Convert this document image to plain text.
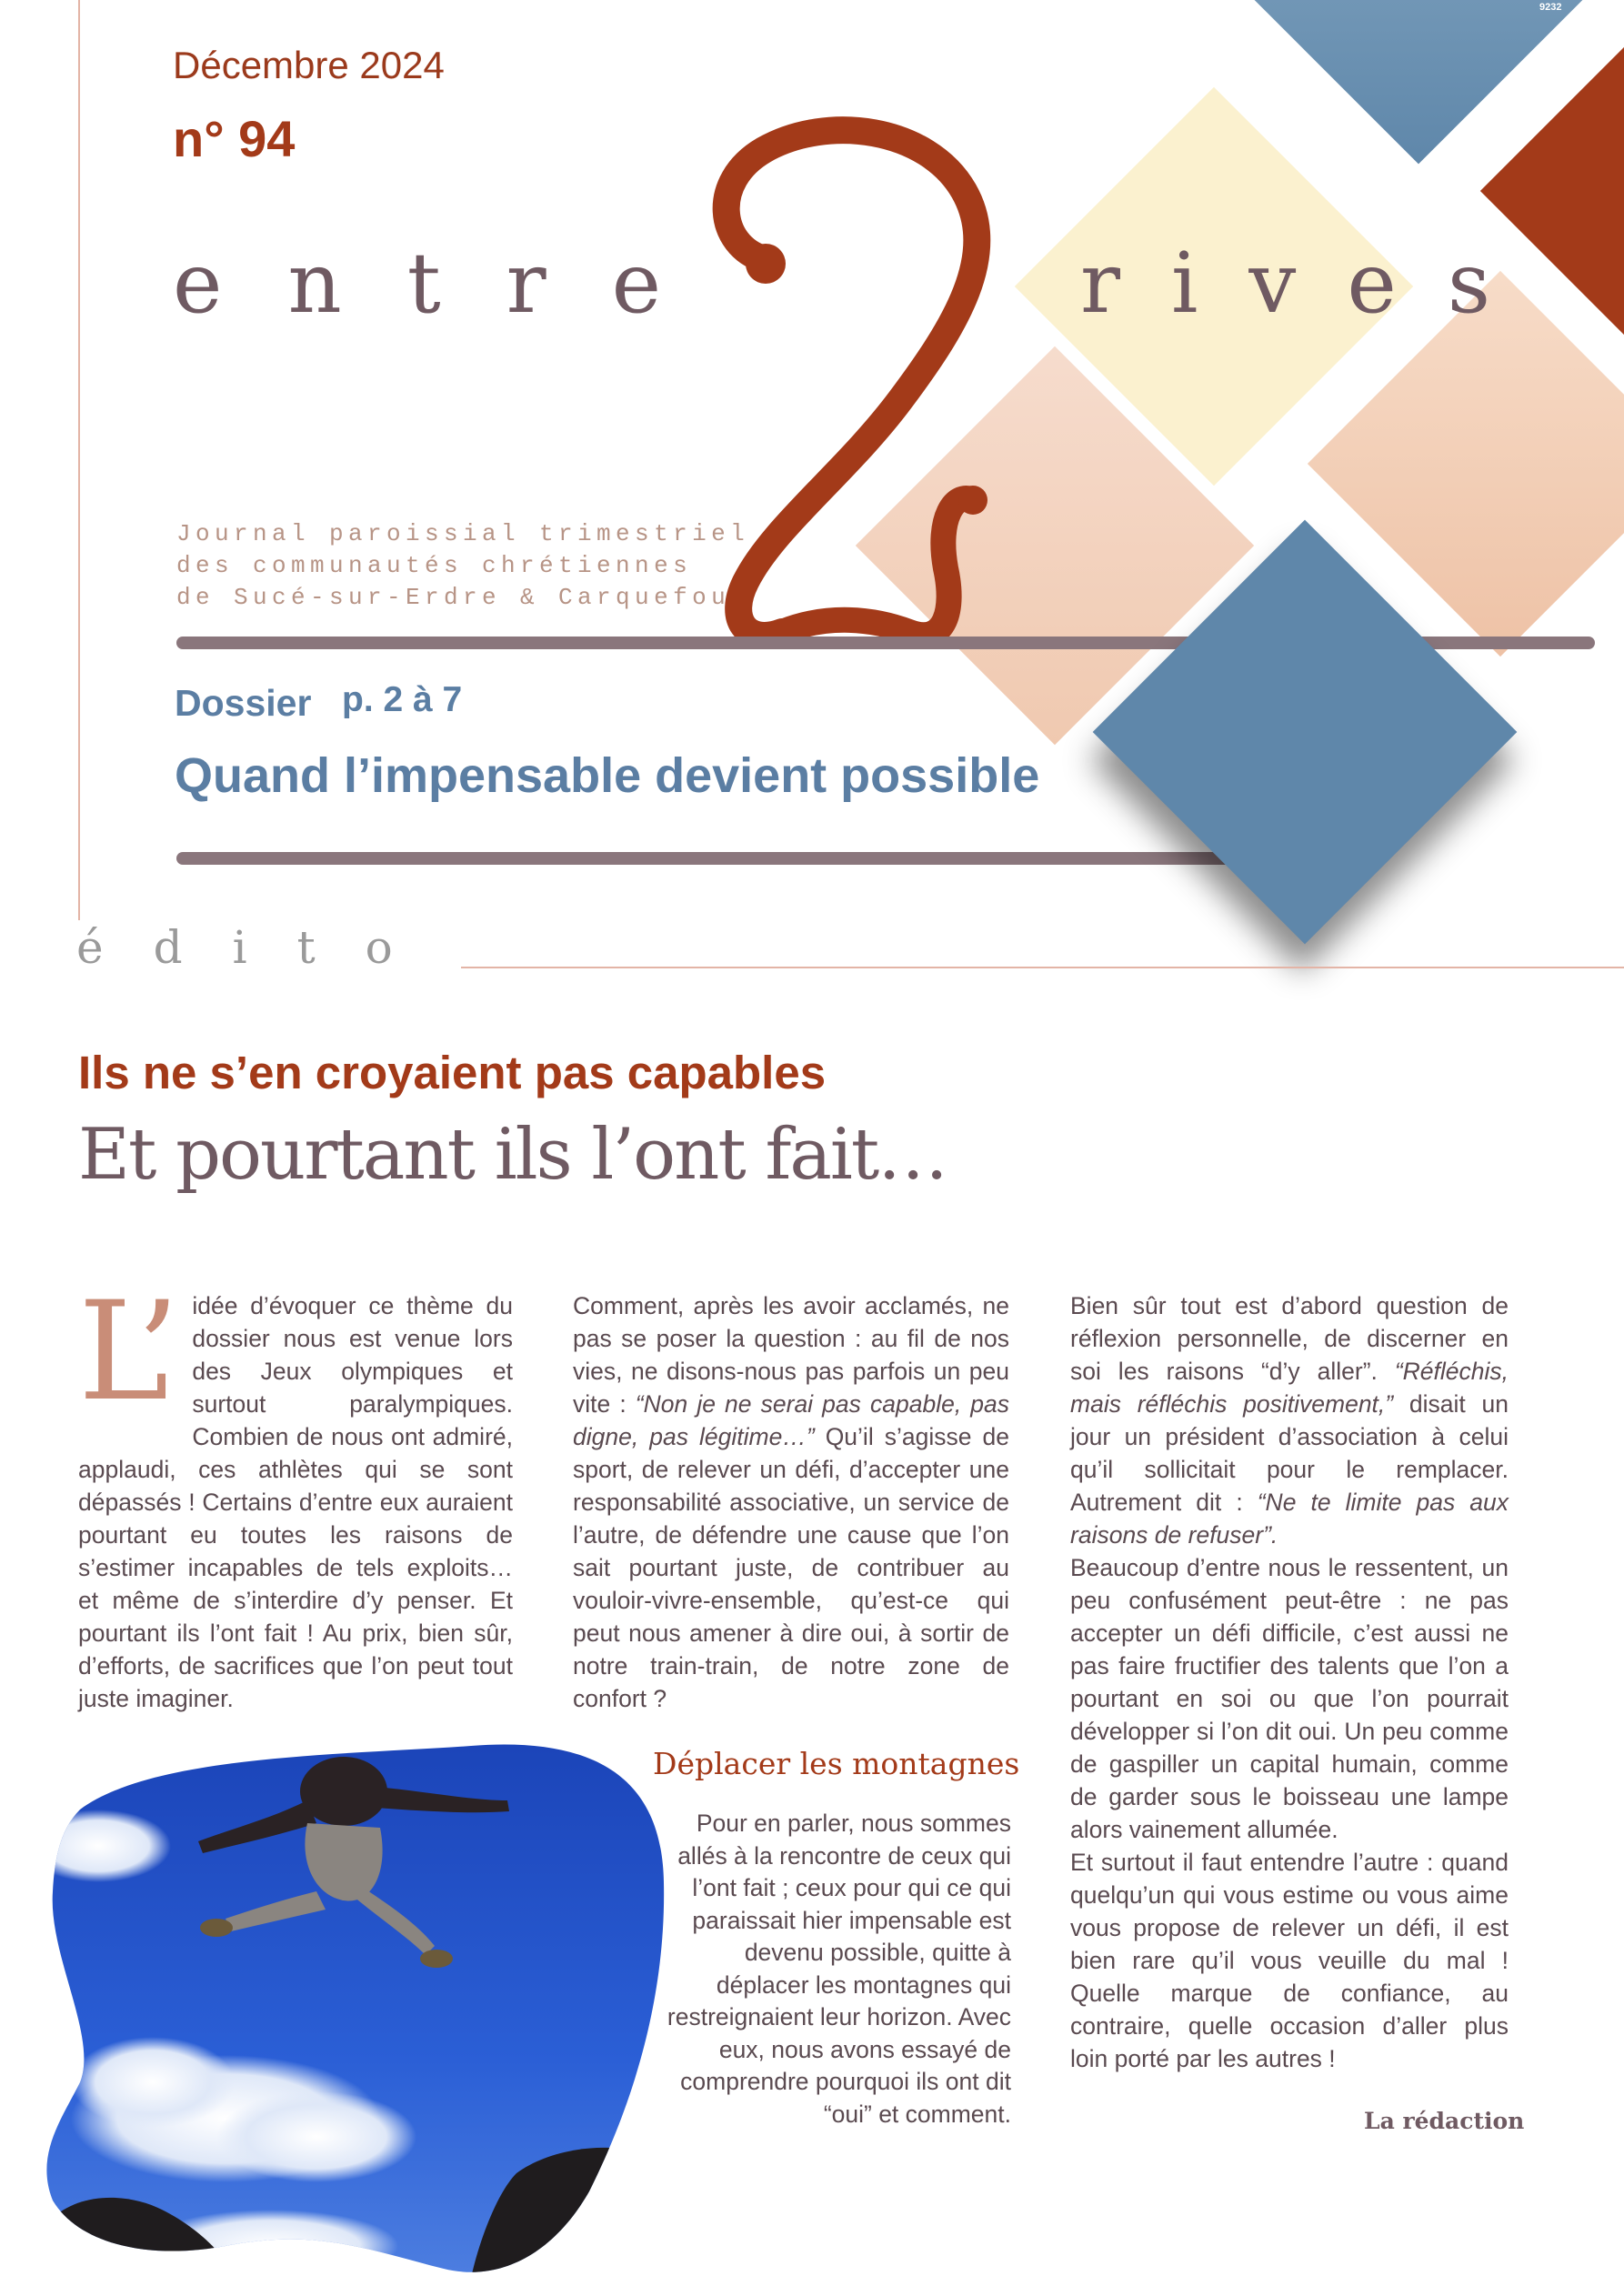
9232
Décembre 2024
n° 94
entre	rives
Journal paroissial trimestriel
des communautés chrétiennes
de Sucé-sur-Erdre & Carquefou
Dossier p. 2 à 7
Quand l’impensable devient possible
édito
Ils ne s’en croyaient pas capables
Et pourtant ils l’ont fait…
L’ idée d’évoquer ce thème du dossier nous est venue lors des Jeux olympiques et surtout paralympiques. Combien de nous ont admiré, applaudi, ces athlètes qui se sont dépassés ! Certains d’entre eux auraient pourtant eu toutes les raisons de s’estimer incapables de tels exploits… et même de s’interdire d’y penser. Et pourtant ils l’ont fait ! Au prix, bien sûr, d’efforts, de sacrifices que l’on peut tout juste imaginer.

Comment, après les avoir acclamés, ne pas se poser la question : au fil de nos vies, ne disons-nous pas parfois un peu vite : “Non je ne serai pas capable, pas digne, pas légitime…” Qu’il s’agisse de sport, de relever un défi, d’accepter une responsabilité associative, un service de l’autre, de défendre une cause que l’on sait pourtant juste, de contribuer au vouloir-vivre-ensemble, qu’est-ce qui peut nous amener à dire oui, à sortir de notre train-train, de notre zone de confort ?

Déplacer les montagnes

Pour en parler, nous sommes allés à la rencontre de ceux qui l’ont fait ; ceux pour qui ce qui paraissait hier impensable est devenu possible, quitte à déplacer les montagnes qui restreignaient leur horizon. Avec eux, nous avons essayé de comprendre pourquoi ils ont dit “oui” et comment.

Bien sûr tout est d’abord question de réflexion personnelle, de discerner en soi les raisons “d’y aller”. “Réfléchis, mais réfléchis positivement,” disait un jour un président d’association à celui qu’il sollicitait pour le remplacer. Autrement dit : “Ne te limite pas aux raisons de refuser”.

Beaucoup d’entre nous le ressentent, un peu confusément peut-être : ne pas accepter un défi difficile, c’est aussi ne pas faire fructifier des talents que l’on a pourtant en soi ou que l’on pourrait développer si l’on dit oui. Un peu comme de gaspiller un capital humain, comme de garder sous le boisseau une lampe alors vainement allumée.

Et surtout il faut entendre l’autre : quand quelqu’un qui vous estime ou vous aime vous propose de relever un défi, il est bien rare qu’il vous veuille du mal ! Quelle marque de confiance, au contraire, quelle occasion d’aller plus loin porté par les autres !

La rédaction
